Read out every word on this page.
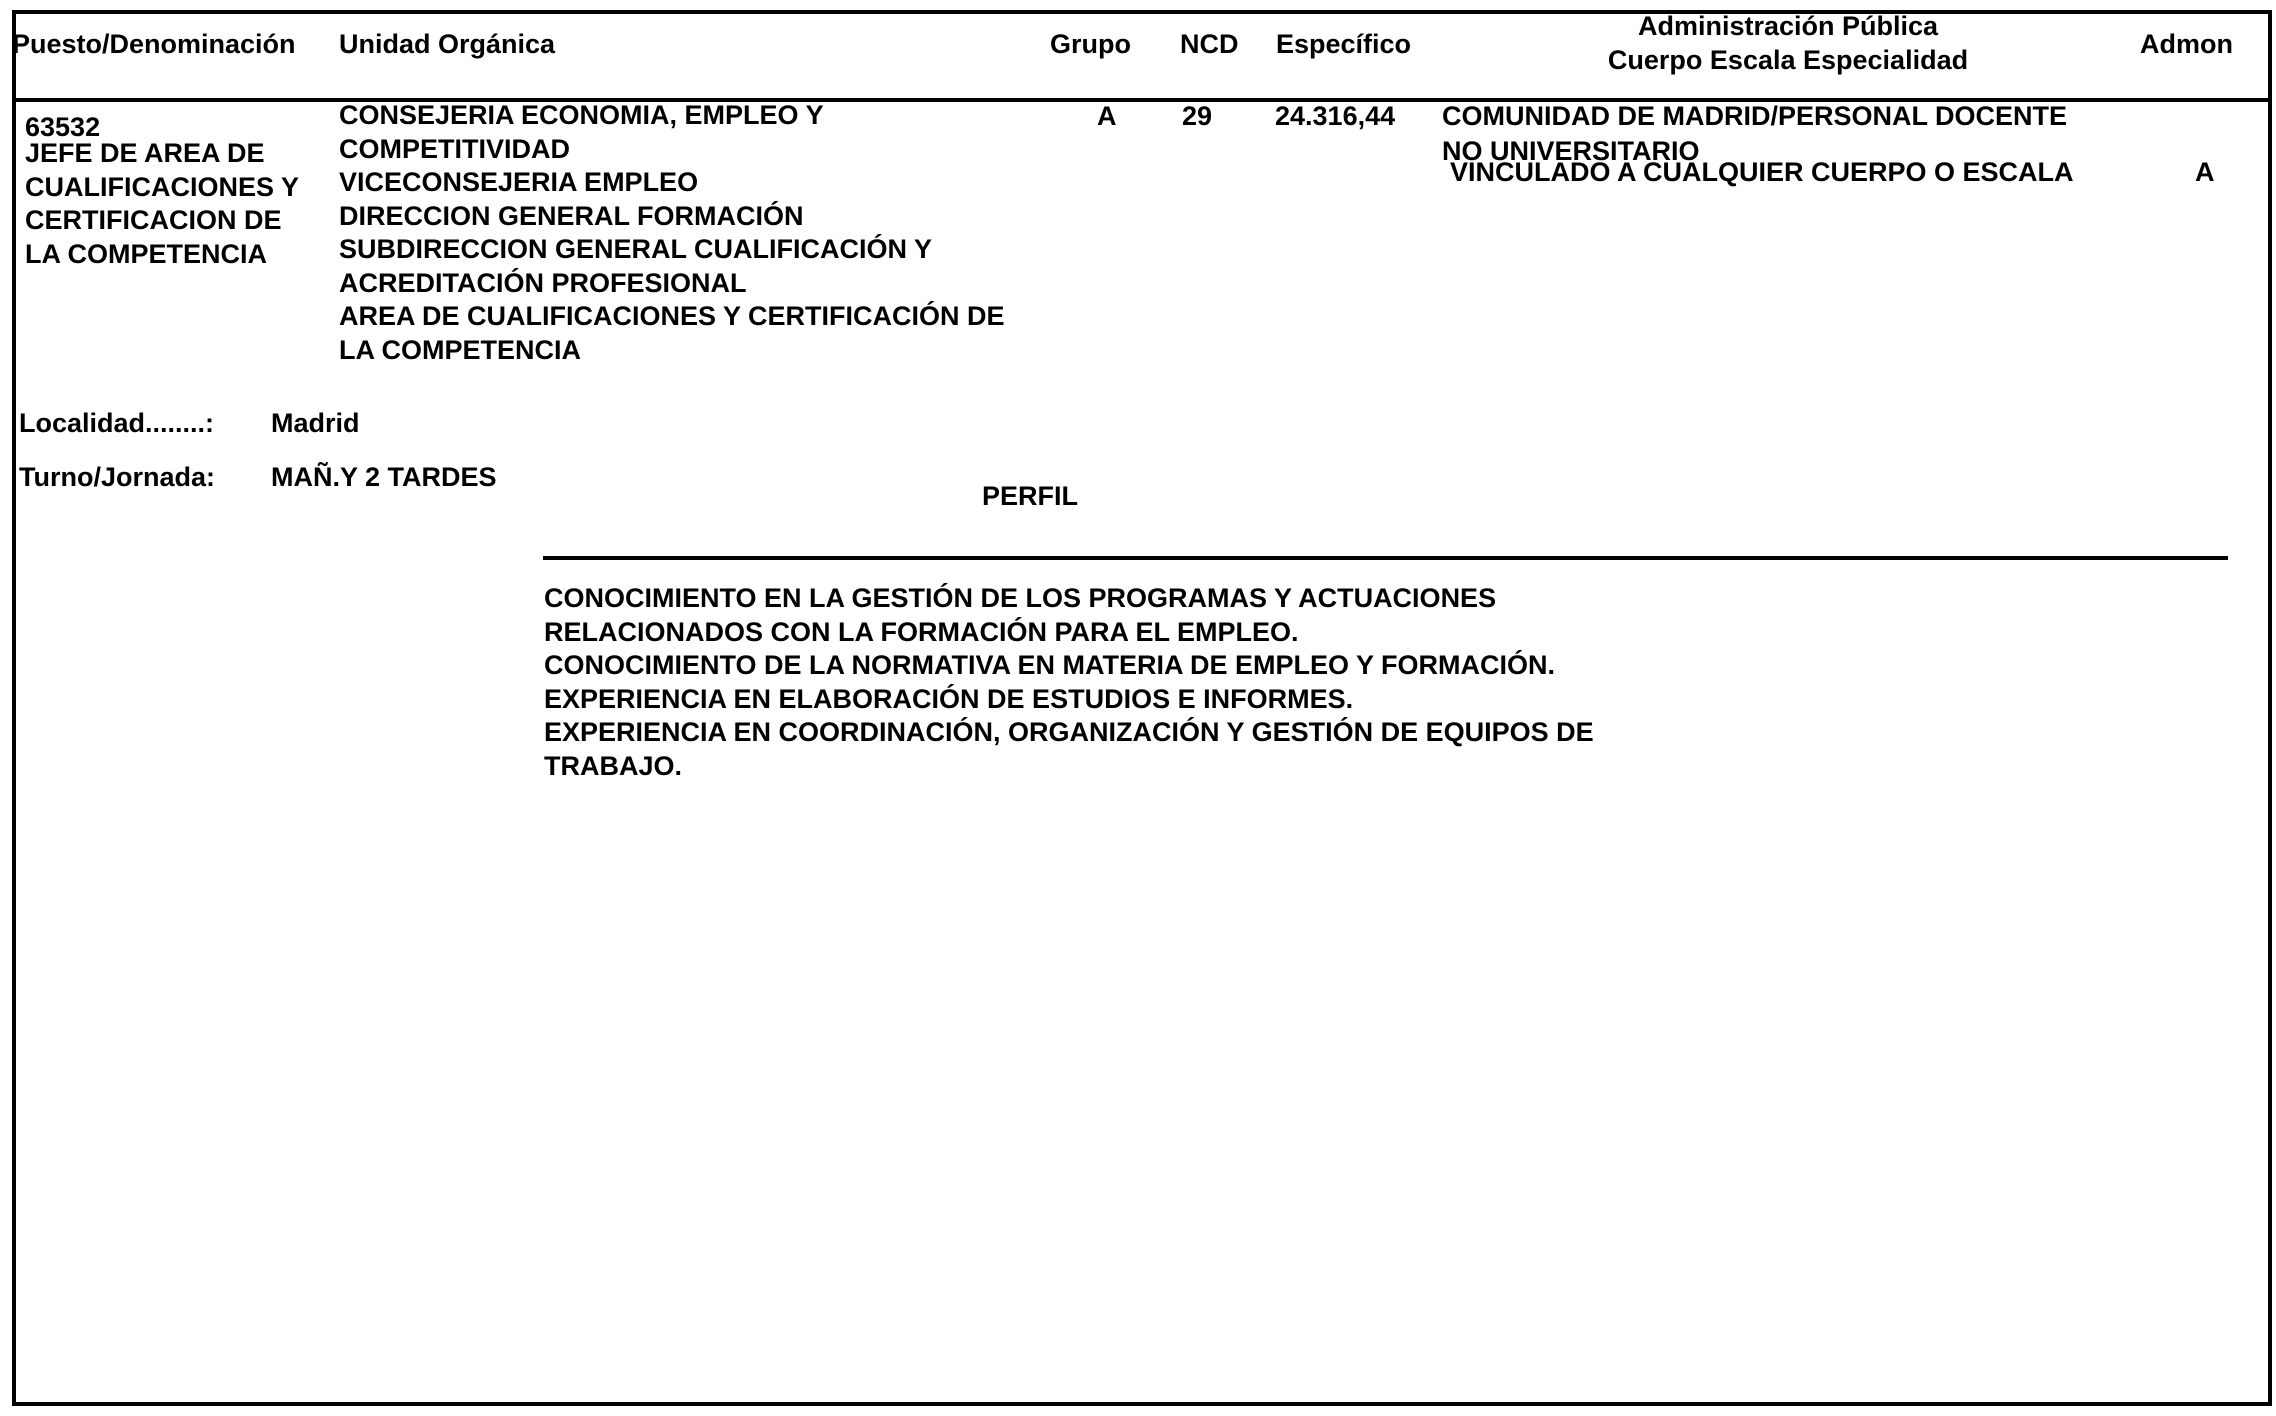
Puesto/Denominación Unidad Orgánica	Grupo NCD Específico
Administración Pública
Cuerpo Escala Especialidad
Admon
63532
JEFE DE AREA DE
CUALIFICACIONES Y
CERTIFICACION DE
LA COMPETENCIA
CONSEJERIA ECONOMIA, EMPLEO Y
COMPETITIVIDAD
VICECONSEJERIA EMPLEO
DIRECCION GENERAL FORMACIÓN
SUBDIRECCION GENERAL CUALIFICACIÓN Y
ACREDITACIÓN PROFESIONAL
AREA DE CUALIFICACIONES Y CERTIFICACIÓN DE
LA COMPETENCIA
A 29 24.316,44 COMUNIDAD DE MADRID/PERSONAL DOCENTE
NO UNIVERSITARIO
VINCULADO A CUALQUIER CUERPO O ESCALA	A
Localidad........: Madrid
Turno/Jornada: MAÑ.Y 2 TARDES
PERFIL
CONOCIMIENTO EN LA GESTIÓN DE LOS PROGRAMAS Y ACTUACIONES
RELACIONADOS CON LA FORMACIÓN PARA EL EMPLEO.
CONOCIMIENTO DE LA NORMATIVA EN MATERIA DE EMPLEO Y FORMACIÓN.
EXPERIENCIA EN ELABORACIÓN DE ESTUDIOS E INFORMES.
EXPERIENCIA EN COORDINACIÓN, ORGANIZACIÓN Y GESTIÓN DE EQUIPOS DE
TRABAJO.
